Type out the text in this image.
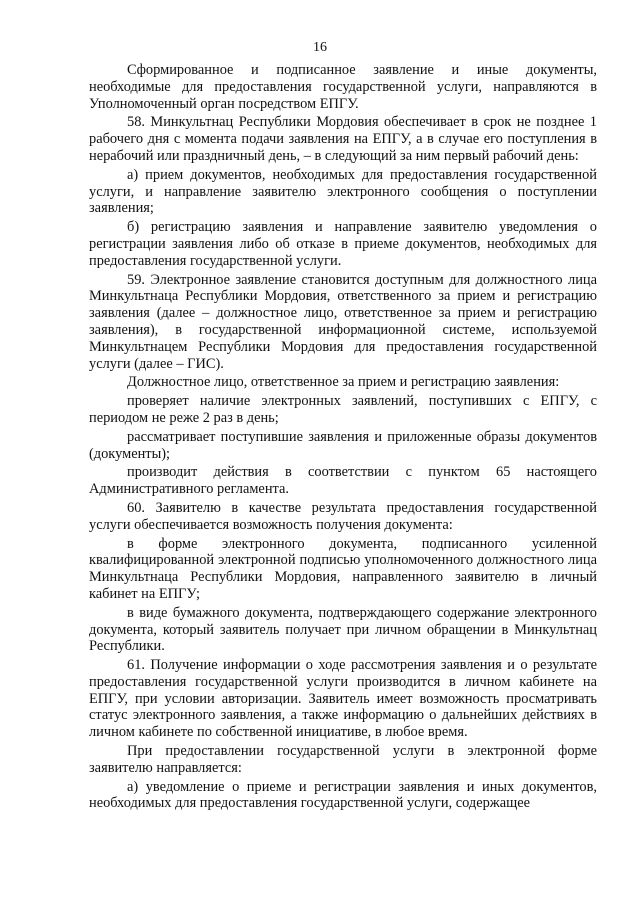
16

Сформированное и подписанное заявление и иные документы, необходимые для предоставления государственной услуги, направляются в Уполномоченный орган посредством ЕПГУ.

58. Минкультнац Республики Мордовия обеспечивает в срок не позднее 1 рабочего дня с момента подачи заявления на ЕПГУ, а в случае его поступления в нерабочий или праздничный день, – в следующий за ним первый рабочий день:

а) прием документов, необходимых для предоставления государственной услуги, и направление заявителю электронного сообщения о поступлении заявления;

б) регистрацию заявления и направление заявителю уведомления о регистрации заявления либо об отказе в приеме документов, необходимых для предоставления государственной услуги.

59. Электронное заявление становится доступным для должностного лица Минкультнаца Республики Мордовия, ответственного за прием и регистрацию заявления (далее – должностное лицо, ответственное за прием и регистрацию заявления), в государственной информационной системе, используемой Минкультнацем Республики Мордовия для предоставления государственной услуги (далее – ГИС).

Должностное лицо, ответственное за прием и регистрацию заявления:

проверяет наличие электронных заявлений, поступивших с ЕПГУ, с периодом не реже 2 раз в день;

рассматривает поступившие заявления и приложенные образы документов (документы);

производит действия в соответствии с пунктом 65 настоящего Административного регламента.

60. Заявителю в качестве результата предоставления государственной услуги обеспечивается возможность получения документа:

в форме электронного документа, подписанного усиленной квалифицированной электронной подписью уполномоченного должностного лица Минкультнаца Республики Мордовия, направленного заявителю в личный кабинет на ЕПГУ;

в виде бумажного документа, подтверждающего содержание электронного документа, который заявитель получает при личном обращении в Минкультнац Республики.

61. Получение информации о ходе рассмотрения заявления и о результате предоставления государственной услуги производится в личном кабинете на ЕПГУ, при условии авторизации. Заявитель имеет возможность просматривать статус электронного заявления, а также информацию о дальнейших действиях в личном кабинете по собственной инициативе, в любое время.

При предоставлении государственной услуги в электронной форме заявителю направляется:

а) уведомление о приеме и регистрации заявления и иных документов, необходимых для предоставления государственной услуги, содержащее
